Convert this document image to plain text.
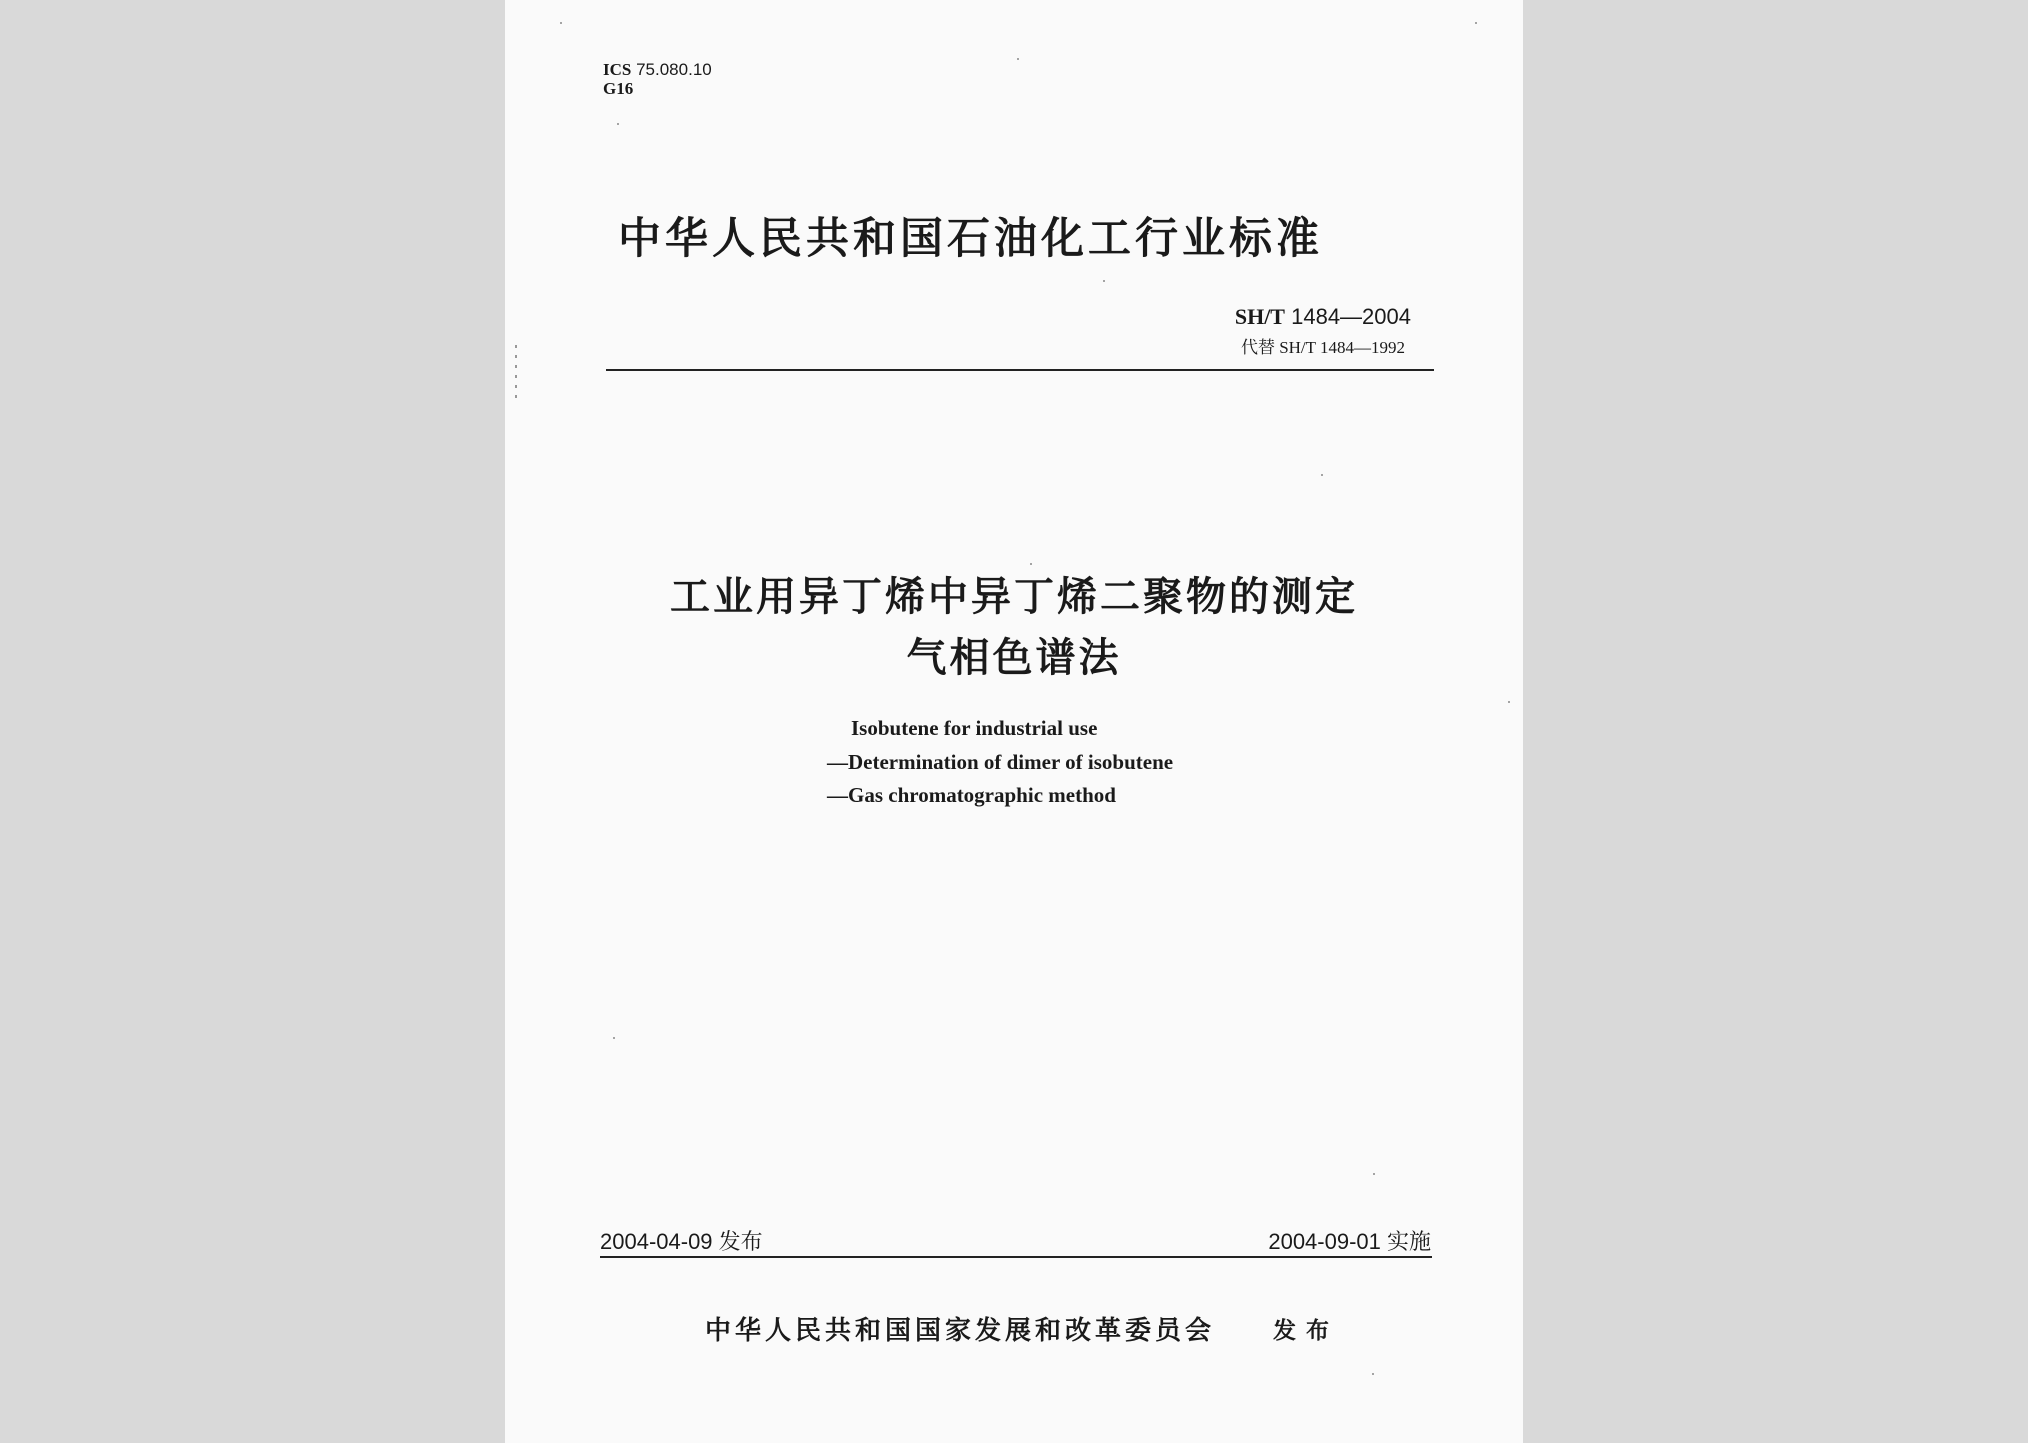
ICS 75.080.10
G16
中华人民共和国石油化工行业标准
SH/T 1484—2004
代替 SH/T 1484—1992
工业用异丁烯中异丁烯二聚物的测定
气相色谱法
Isobutene for industrial use
—Determination of dimer of isobutene
—Gas chromatographic method
2004-04-09 发布	2004-09-01 实施
中华人民共和国国家发展和改革委员会	发布
